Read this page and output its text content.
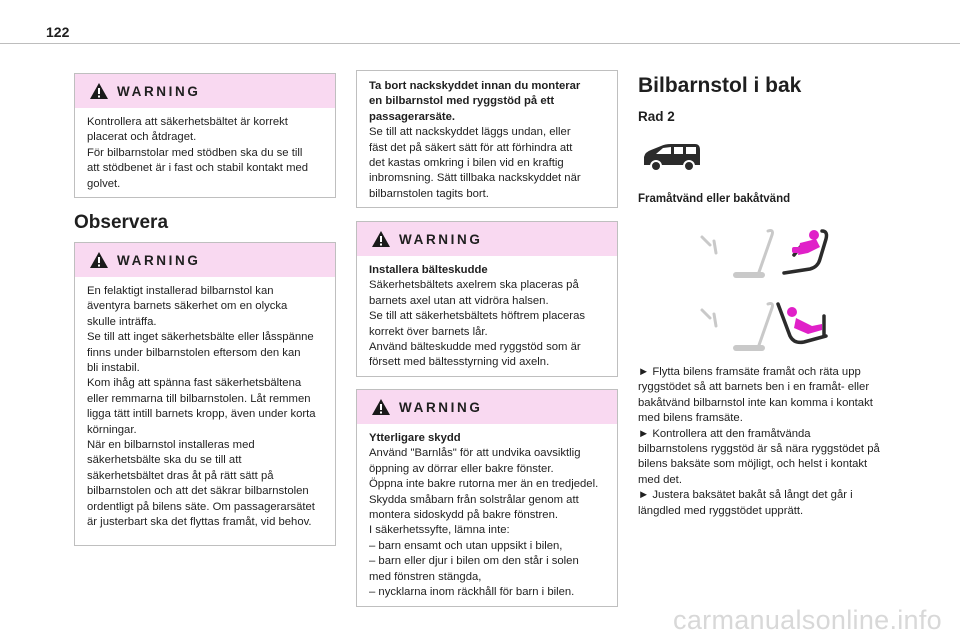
122
WARNING
Kontrollera att säkerhetsbältet är korrekt
placerat och åtdraget.
För bilbarnstolar med stödben ska du se till
att stödbenet är i fast och stabil kontakt med
golvet.
Observera
WARNING
En felaktigt installerad bilbarnstol kan
äventyra barnets säkerhet om en olycka
skulle inträffa.
Se till att inget säkerhetsbälte eller låsspänne
finns under bilbarnstolen eftersom den kan
bli instabil.
Kom ihåg att spänna fast säkerhetsbältena
eller remmarna till bilbarnstolen. Låt remmen
ligga tätt intill barnets kropp, även under korta
körningar.
När en bilbarnstol installeras med
säkerhetsbälte ska du se till att
säkerhetsbältet dras åt på rätt sätt på
bilbarnstolen och att det säkrar bilbarnstolen
ordentligt på bilens säte. Om passagerarsätet
är justerbart ska det flyttas framåt, vid behov.
Ta bort nackskyddet innan du monterar
en bilbarnstol med ryggstöd på ett
passagerarsäte.
Se till att nackskyddet läggs undan, eller
fäst det på säkert sätt för att förhindra att
det kastas omkring i bilen vid en kraftig
inbromsning. Sätt tillbaka nackskyddet när
bilbarnstolen tagits bort.
WARNING
Installera bälteskudde
Säkerhetsbältets axelrem ska placeras på
barnets axel utan att vidröra halsen.
Se till att säkerhetsbältets höftrem placeras
korrekt över barnets lår.
Använd bälteskudde med ryggstöd som är
försett med bältesstyrning vid axeln.
WARNING
Ytterligare skydd
Använd "Barnlås" för att undvika oavsiktlig
öppning av dörrar eller bakre fönster.
Öppna inte bakre rutorna mer än en tredjedel.
Skydda småbarn från solstrålar genom att
montera sidoskydd på bakre fönstren.
I säkerhetssyfte, lämna inte:
– barn ensamt och utan uppsikt i bilen,
– barn eller djur i bilen om den står i solen
med fönstren stängda,
– nycklarna inom räckhåll för barn i bilen.
Bilbarnstol i bak
Rad 2
Framåtvänd eller bakåtvänd
► Flytta bilens framsäte framåt och räta upp
ryggstödet så att barnets ben i en framåt- eller
bakåtvänd bilbarnstol inte kan komma i kontakt
med bilens framsäte.
► Kontrollera att den framåtvända
bilbarnstolens ryggstöd är så nära ryggstödet på
bilens baksäte som möjligt, och helst i kontakt
med det.
► Justera baksätet bakåt så långt det går i
längdled med ryggstödet upprätt.
carmanualsonline.info
